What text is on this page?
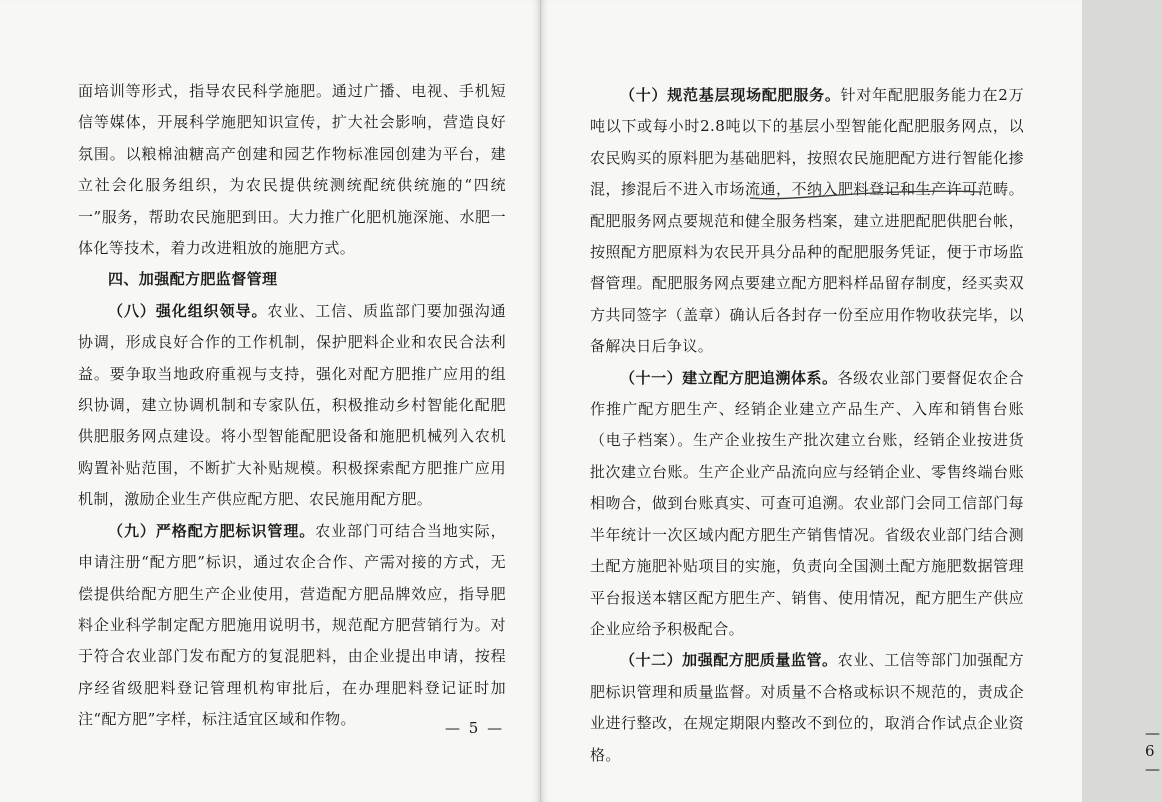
面培训等形式，指导农民科学施肥。通过广播、电视、手机短信等媒体，开展科学施肥知识宣传，扩大社会影响，营造良好氛围。以粮棉油糖高产创建和园艺作物标准园创建为平台，建立社会化服务组织，为农民提供统测统配统供统施的“四统一”服务，帮助农民施肥到田。大力推广化肥机施深施、水肥一体化等技术，着力改进粗放的施肥方式。

四、加强配方肥监督管理

（八）强化组织领导。农业、工信、质监部门要加强沟通协调，形成良好合作的工作机制，保护肥料企业和农民合法利益。要争取当地政府重视与支持，强化对配方肥推广应用的组织协调，建立协调机制和专家队伍，积极推动乡村智能化配肥供肥服务网点建设。将小型智能配肥设备和施肥机械列入农机购置补贴范围，不断扩大补贴规模。积极探索配方肥推广应用机制，激励企业生产供应配方肥、农民施用配方肥。

（九）严格配方肥标识管理。农业部门可结合当地实际，申请注册“配方肥”标识，通过农企合作、产需对接的方式，无偿提供给配方肥生产企业使用，营造配方肥品牌效应，指导肥料企业科学制定配方肥施用说明书，规范配方肥营销行为。对于符合农业部门发布配方的复混肥料，由企业提出申请，按程序经省级肥料登记管理机构审批后，在办理肥料登记证时加注“配方肥”字样，标注适宜区域和作物。	— 5 —	— 6 —

（十）规范基层现场配肥服务。针对年配肥服务能力在2万吨以下或每小时2.8吨以下的基层小型智能化配肥服务网点，以农民购买的原料肥为基础肥料，按照农民施肥配方进行智能化掺混，掺混后不进入市场流通，不纳入肥料登记和生产许可范畴。配肥服务网点要规范和健全服务档案，建立进肥配肥供肥台帐，按照配方肥原料为农民开具分品种的配肥服务凭证，便于市场监督管理。配肥服务网点要建立配方肥料样品留存制度，经买卖双方共同签字（盖章）确认后各封存一份至应用作物收获完毕，以备解决日后争议。

（十一）建立配方肥追溯体系。各级农业部门要督促农企合作推广配方肥生产、经销企业建立产品生产、入库和销售台账（电子档案）。生产企业按生产批次建立台账，经销企业按进货批次建立台账。生产企业产品流向应与经销企业、零售终端台账相吻合，做到台账真实、可查可追溯。农业部门会同工信部门每半年统计一次区域内配方肥生产销售情况。省级农业部门结合测土配方施肥补贴项目的实施，负责向全国测土配方施肥数据管理平台报送本辖区配方肥生产、销售、使用情况，配方肥生产供应企业应给予积极配合。

（十二）加强配方肥质量监管。农业、工信等部门加强配方肥标识管理和质量监督。对质量不合格或标识不规范的，责成企业进行整改，在规定期限内整改不到位的，取消合作试点企业资格。
